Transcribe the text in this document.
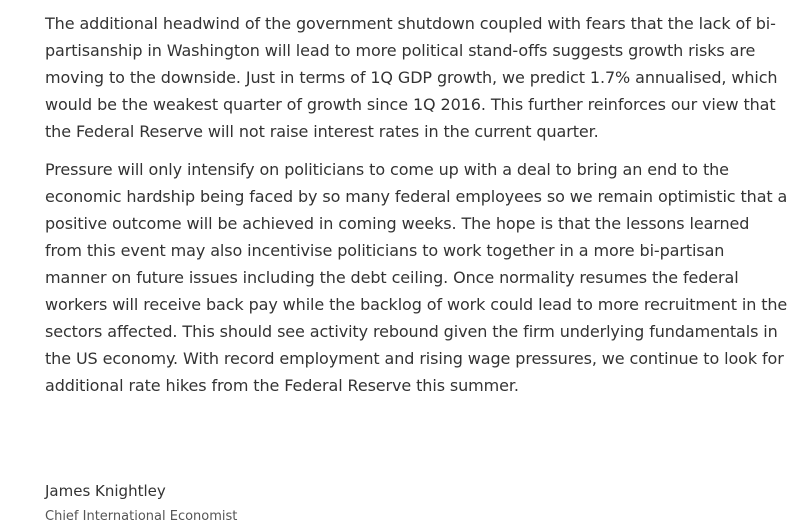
The additional headwind of the government shutdown coupled with fears that the lack of bi-partisanship in Washington will lead to more political stand-offs suggests growth risks are moving to the downside. Just in terms of 1Q GDP growth, we predict 1.7% annualised, which would be the weakest quarter of growth since 1Q 2016. This further reinforces our view that the Federal Reserve will not raise interest rates in the current quarter.

Pressure will only intensify on politicians to come up with a deal to bring an end to the economic hardship being faced by so many federal employees so we remain optimistic that a positive outcome will be achieved in coming weeks. The hope is that the lessons learned from this event may also incentivise politicians to work together in a more bi-partisan manner on future issues including the debt ceiling. Once normality resumes the federal workers will receive back pay while the backlog of work could lead to more recruitment in the sectors affected. This should see activity rebound given the firm underlying fundamentals in the US economy. With record employment and rising wage pressures, we continue to look for additional rate hikes from the Federal Reserve this summer.

James Knightley
Chief International Economist
